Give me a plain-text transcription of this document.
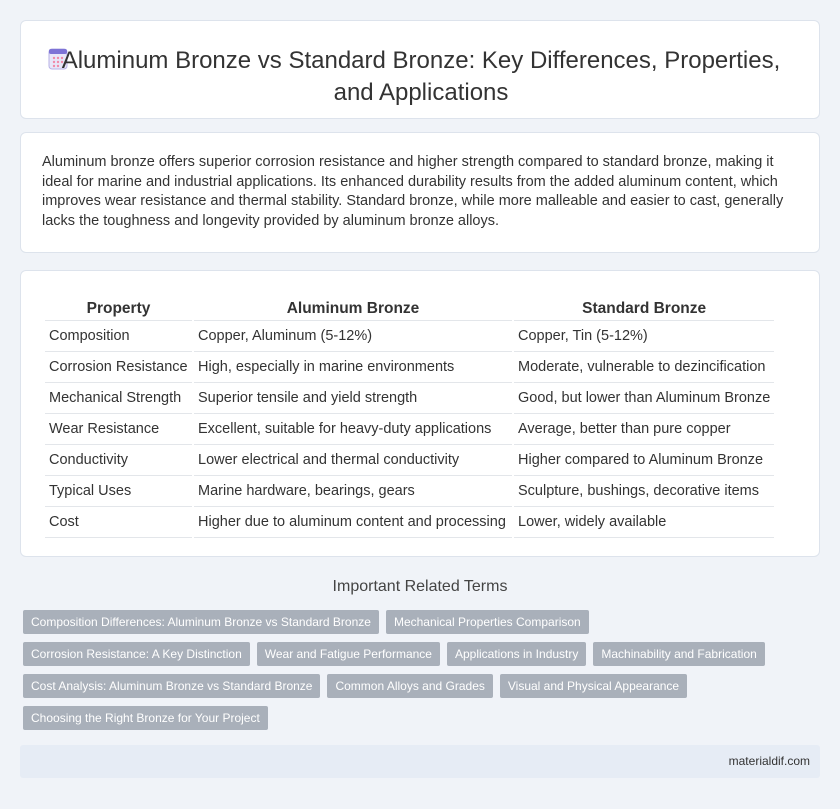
Aluminum Bronze vs Standard Bronze: Key Differences, Properties, and Applications

Aluminum bronze offers superior corrosion resistance and higher strength compared to standard bronze, making it ideal for marine and industrial applications. Its enhanced durability results from the added aluminum content, which improves wear resistance and thermal stability. Standard bronze, while more malleable and easier to cast, generally lacks the toughness and longevity provided by aluminum bronze alloys.

Property	Aluminum Bronze	Standard Bronze
Composition	Copper, Aluminum (5-12%)	Copper, Tin (5-12%)
Corrosion Resistance	High, especially in marine environments	Moderate, vulnerable to dezincification
Mechanical Strength	Superior tensile and yield strength	Good, but lower than Aluminum Bronze
Wear Resistance	Excellent, suitable for heavy-duty applications	Average, better than pure copper
Conductivity	Lower electrical and thermal conductivity	Higher compared to Aluminum Bronze
Typical Uses	Marine hardware, bearings, gears	Sculpture, bushings, decorative items
Cost	Higher due to aluminum content and processing	Lower, widely available
Important Related Terms
Composition Differences: Aluminum Bronze vs Standard Bronze	Mechanical Properties Comparison
Corrosion Resistance: A Key Distinction	Wear and Fatigue Performance	Applications in Industry	Machinability and Fabrication
Cost Analysis: Aluminum Bronze vs Standard Bronze	Common Alloys and Grades	Visual and Physical Appearance
Choosing the Right Bronze for Your Project
materialdif.com
